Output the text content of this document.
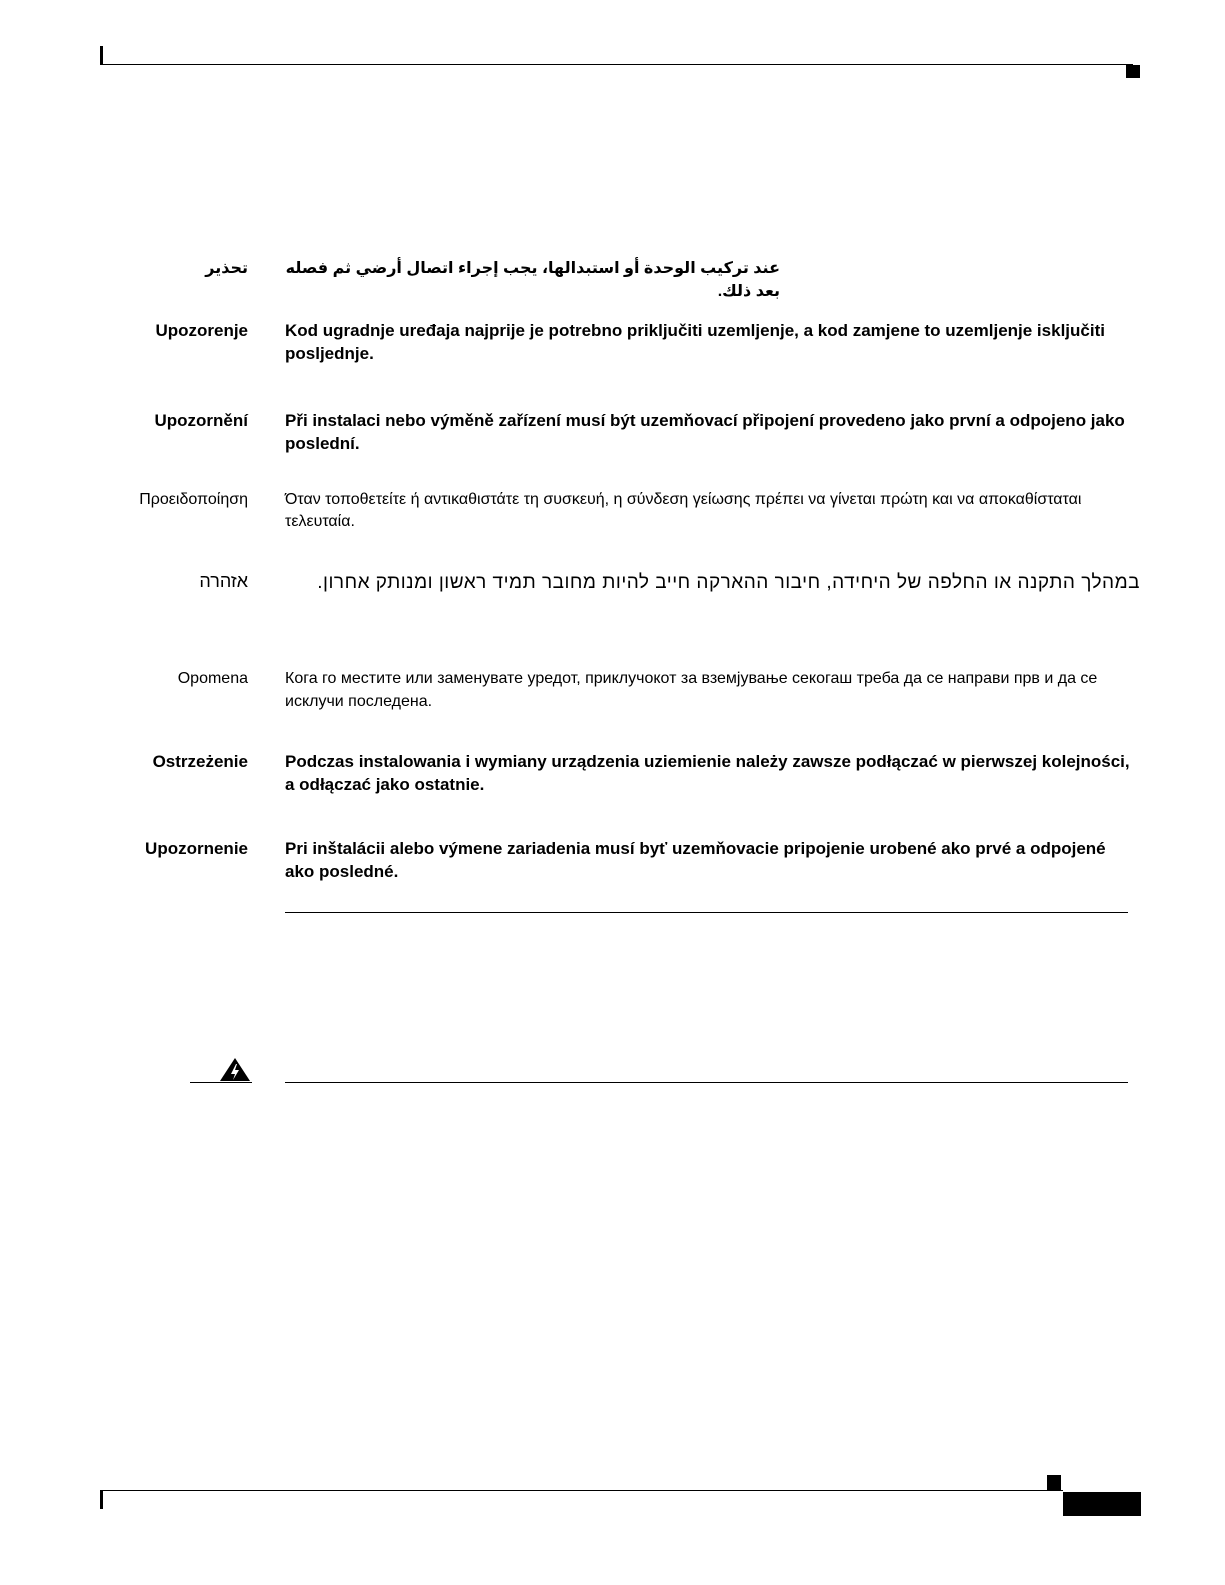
تحذير عند تركيب الوحدة أو استبدالها، يجب إجراء اتصال أرضي ثم فصله بعد ذلك.
Upozorenje Kod ugradnje uređaja najprije je potrebno priključiti uzemljenje, a kod zamjene to uzemljenje isključiti posljednje.
Upozornění Při instalaci nebo výměně zařízení musí být uzemňovací připojení provedeno jako první a odpojeno jako poslední.
Προειδοποίηση Όταν τοποθετείτε ή αντικαθιστάτε τη συσκευή, η σύνδεση γείωσης πρέπει να γίνεται πρώτη και να αποκαθίσταται τελευταία.
אזהרה	במהלך התקנה או החלפה של היחידה, חיבור ההארקה חייב להיות מחובר תמיד ראשון ומנותק אחרון.
Opomena Кога го местите или заменувате уредот, приклучокот за вземјување секогаш треба да се направи прв и да се исклучи последена.
Ostrzeżenie Podczas instalowania i wymiany urządzenia uziemienie należy zawsze podłączać w pierwszej kolejności, a odłączać jako ostatnie.
Upozornenie Pri inštalácii alebo výmene zariadenia musí byť uzemňovacie pripojenie urobené ako prvé a odpojené ako posledné.
